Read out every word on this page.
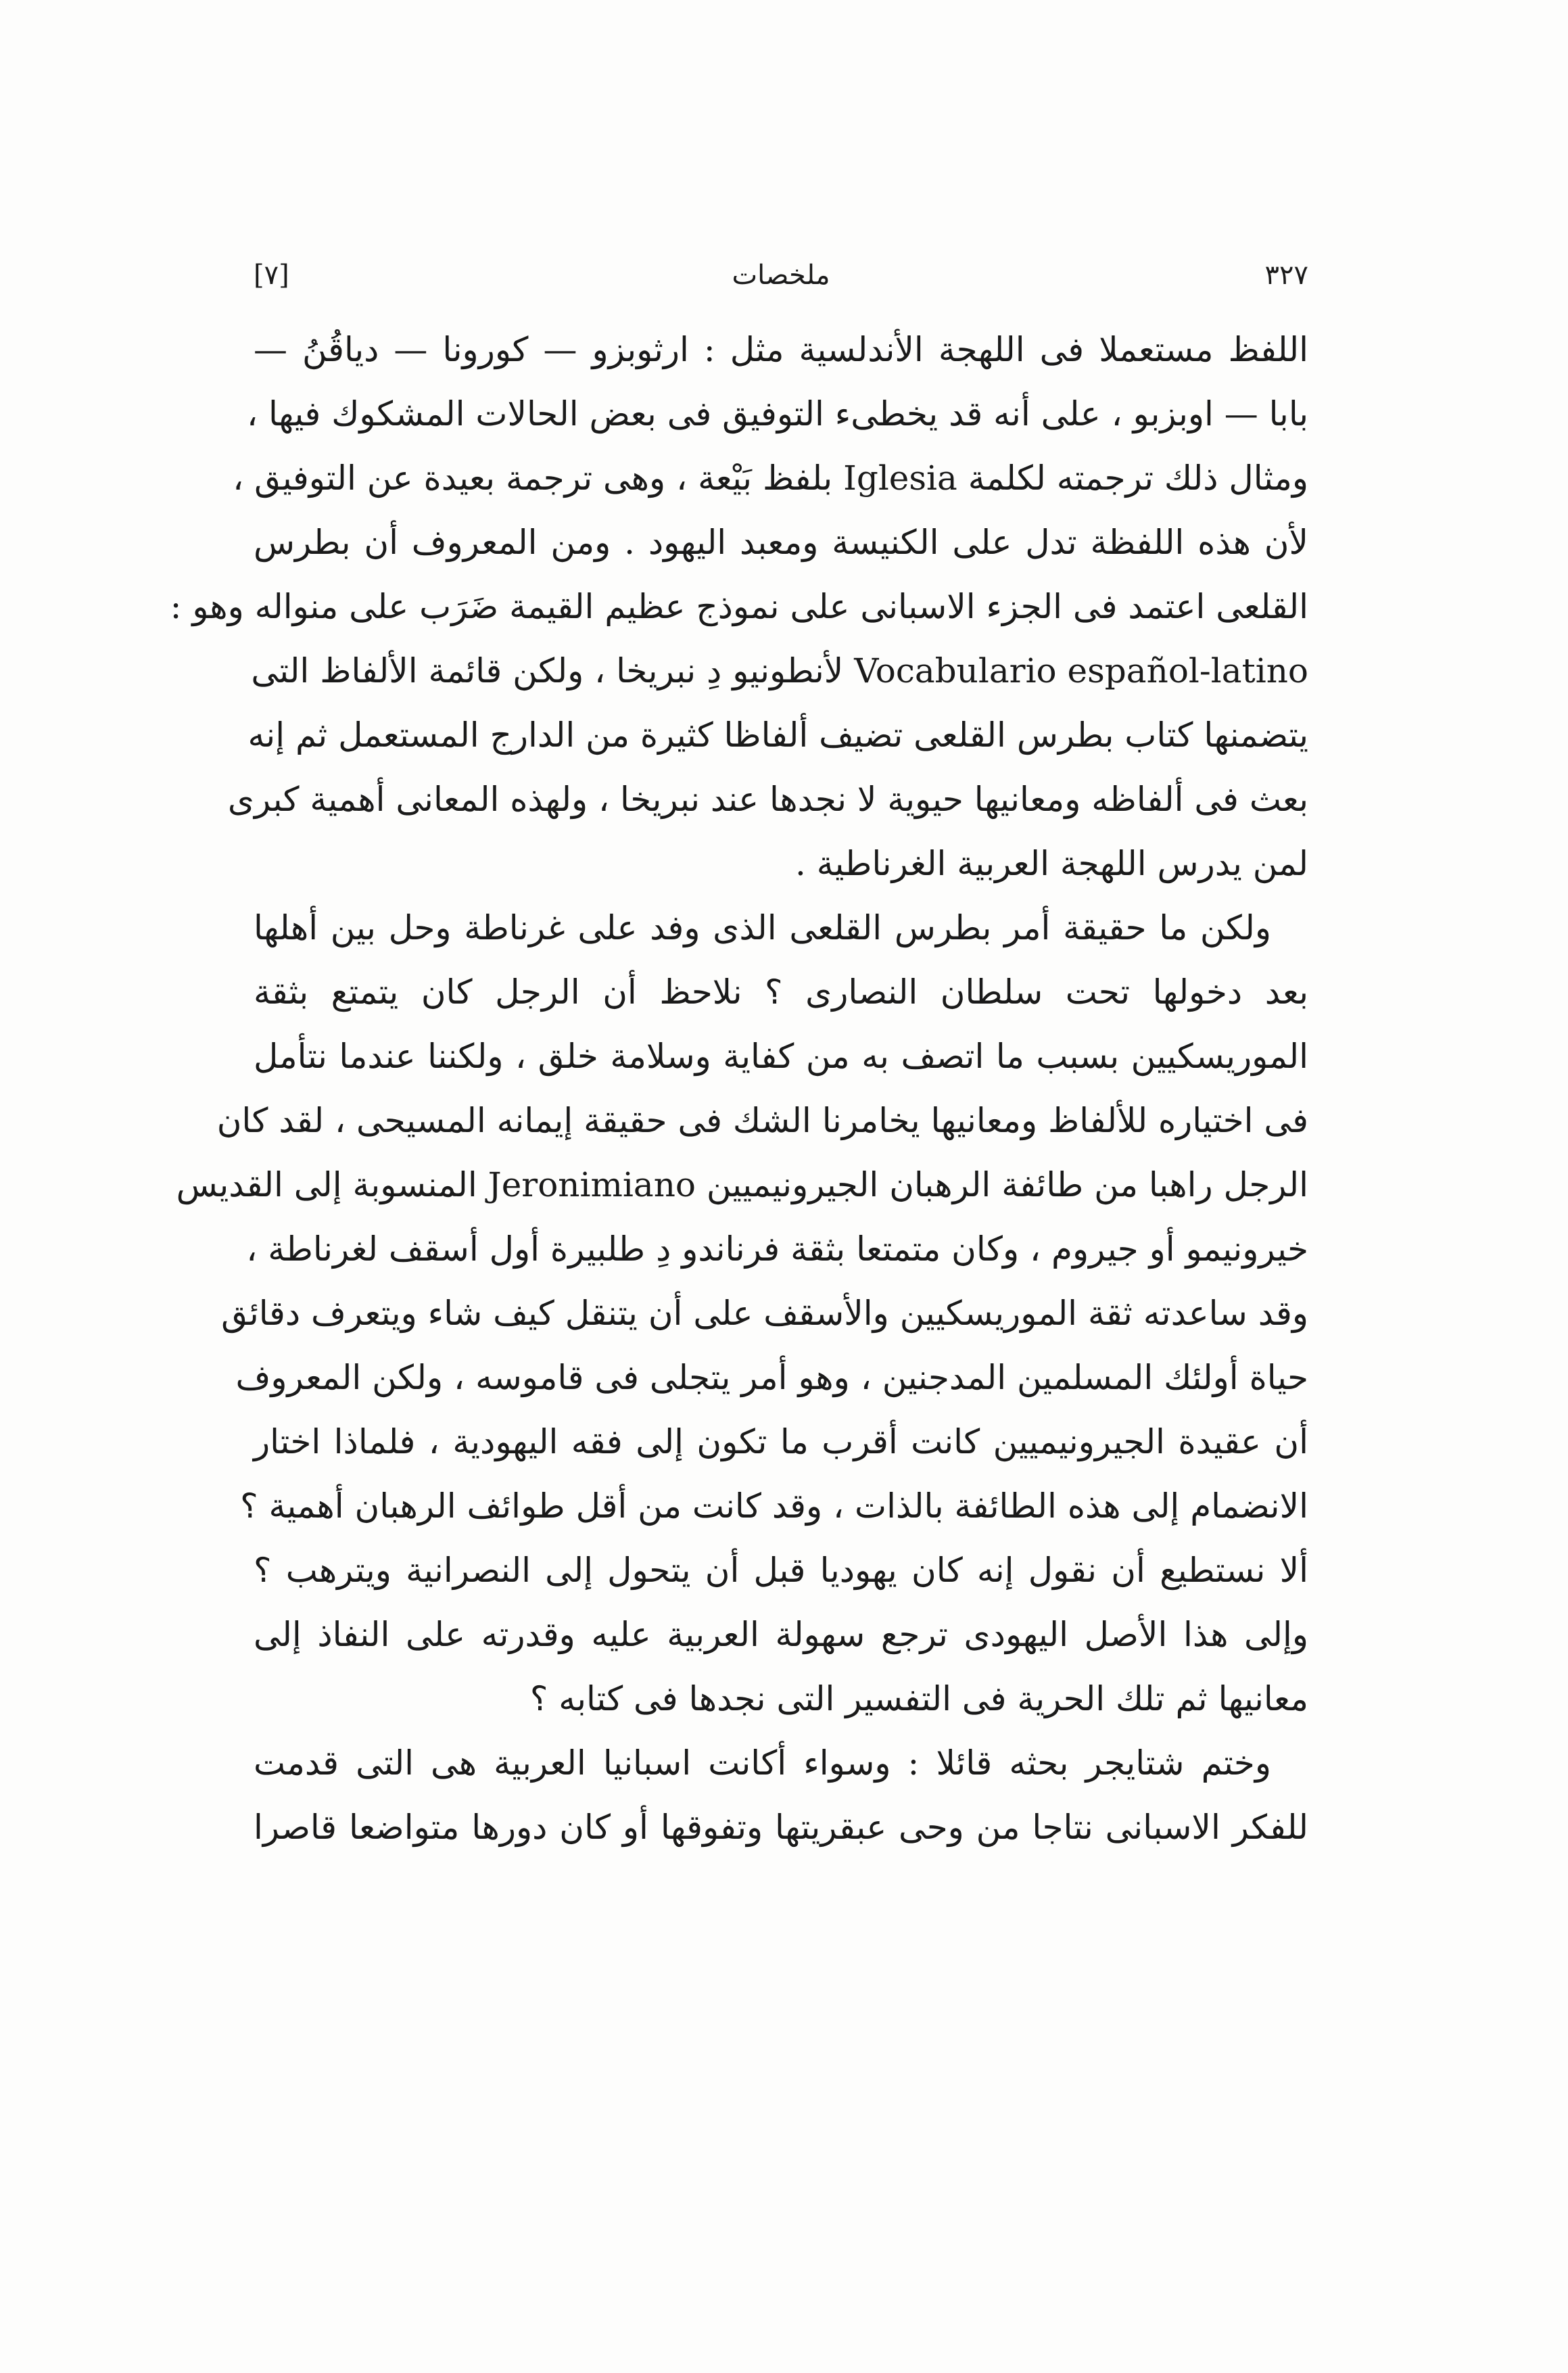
[٧]	ملخصات	٣٢٧
اللفظ مستعملا فى اللهجة الأندلسية مثل : ارثوبزو — كورونا — دياقُنُ —
بابا — اوبزبو ، على أنه قد يخطىء التوفيق فى بعض الحالات المشكوك فيها ،
ومثال ذلك ترجمته لكلمة Iglesia بلفظ بَيْعة ، وهى ترجمة بعيدة عن التوفيق ،
لأن هذه اللفظة تدل على الكنيسة ومعبد اليهود . ومن المعروف أن بطرس
القلعى اعتمد فى الجزء الاسبانى على نموذج عظيم القيمة ضَرَب على منواله وهو :
Vocabulario español-latino لأنطونيو دِ نبريخا ، ولكن قائمة الألفاظ التى
يتضمنها كتاب بطرس القلعى تضيف ألفاظا كثيرة من الدارج المستعمل ثم إنه
بعث فى ألفاظه ومعانيها حيوية لا نجدها عند نبريخا ، ولهذه المعانى أهمية كبرى
لمن يدرس اللهجة العربية الغرناطية .
ولكن ما حقيقة أمر بطرس القلعى الذى وفد على غرناطة وحل بين أهلها
بعد دخولها تحت سلطان النصارى ؟ نلاحظ أن الرجل كان يتمتع بثقة
الموريسكيين بسبب ما اتصف به من كفاية وسلامة خلق ، ولكننا عندما نتأمل
فى اختياره للألفاظ ومعانيها يخامرنا الشك فى حقيقة إيمانه المسيحى ، لقد كان
الرجل راهبا من طائفة الرهبان الجيرونيميين Jeronimiano المنسوبة إلى القديس
خيرونيمو أو جيروم ، وكان متمتعا بثقة فرناندو دِ طلبيرة أول أسقف لغرناطة ،
وقد ساعدته ثقة الموريسكيين والأسقف على أن يتنقل كيف شاء ويتعرف دقائق
حياة أولئك المسلمين المدجنين ، وهو أمر يتجلى فى قاموسه ، ولكن المعروف
أن عقيدة الجيرونيميين كانت أقرب ما تكون إلى فقه اليهودية ، فلماذا اختار
الانضمام إلى هذه الطائفة بالذات ، وقد كانت من أقل طوائف الرهبان أهمية ؟
ألا نستطيع أن نقول إنه كان يهوديا قبل أن يتحول إلى النصرانية ويترهب ؟
وإلى هذا الأصل اليهودى ترجع سهولة العربية عليه وقدرته على النفاذ إلى
معانيها ثم تلك الحرية فى التفسير التى نجدها فى كتابه ؟
وختم شتايجر بحثه قائلا : وسواء أكانت اسبانيا العربية هى التى قدمت
للفكر الاسبانى نتاجا من وحى عبقريتها وتفوقها أو كان دورها متواضعا قاصرا
